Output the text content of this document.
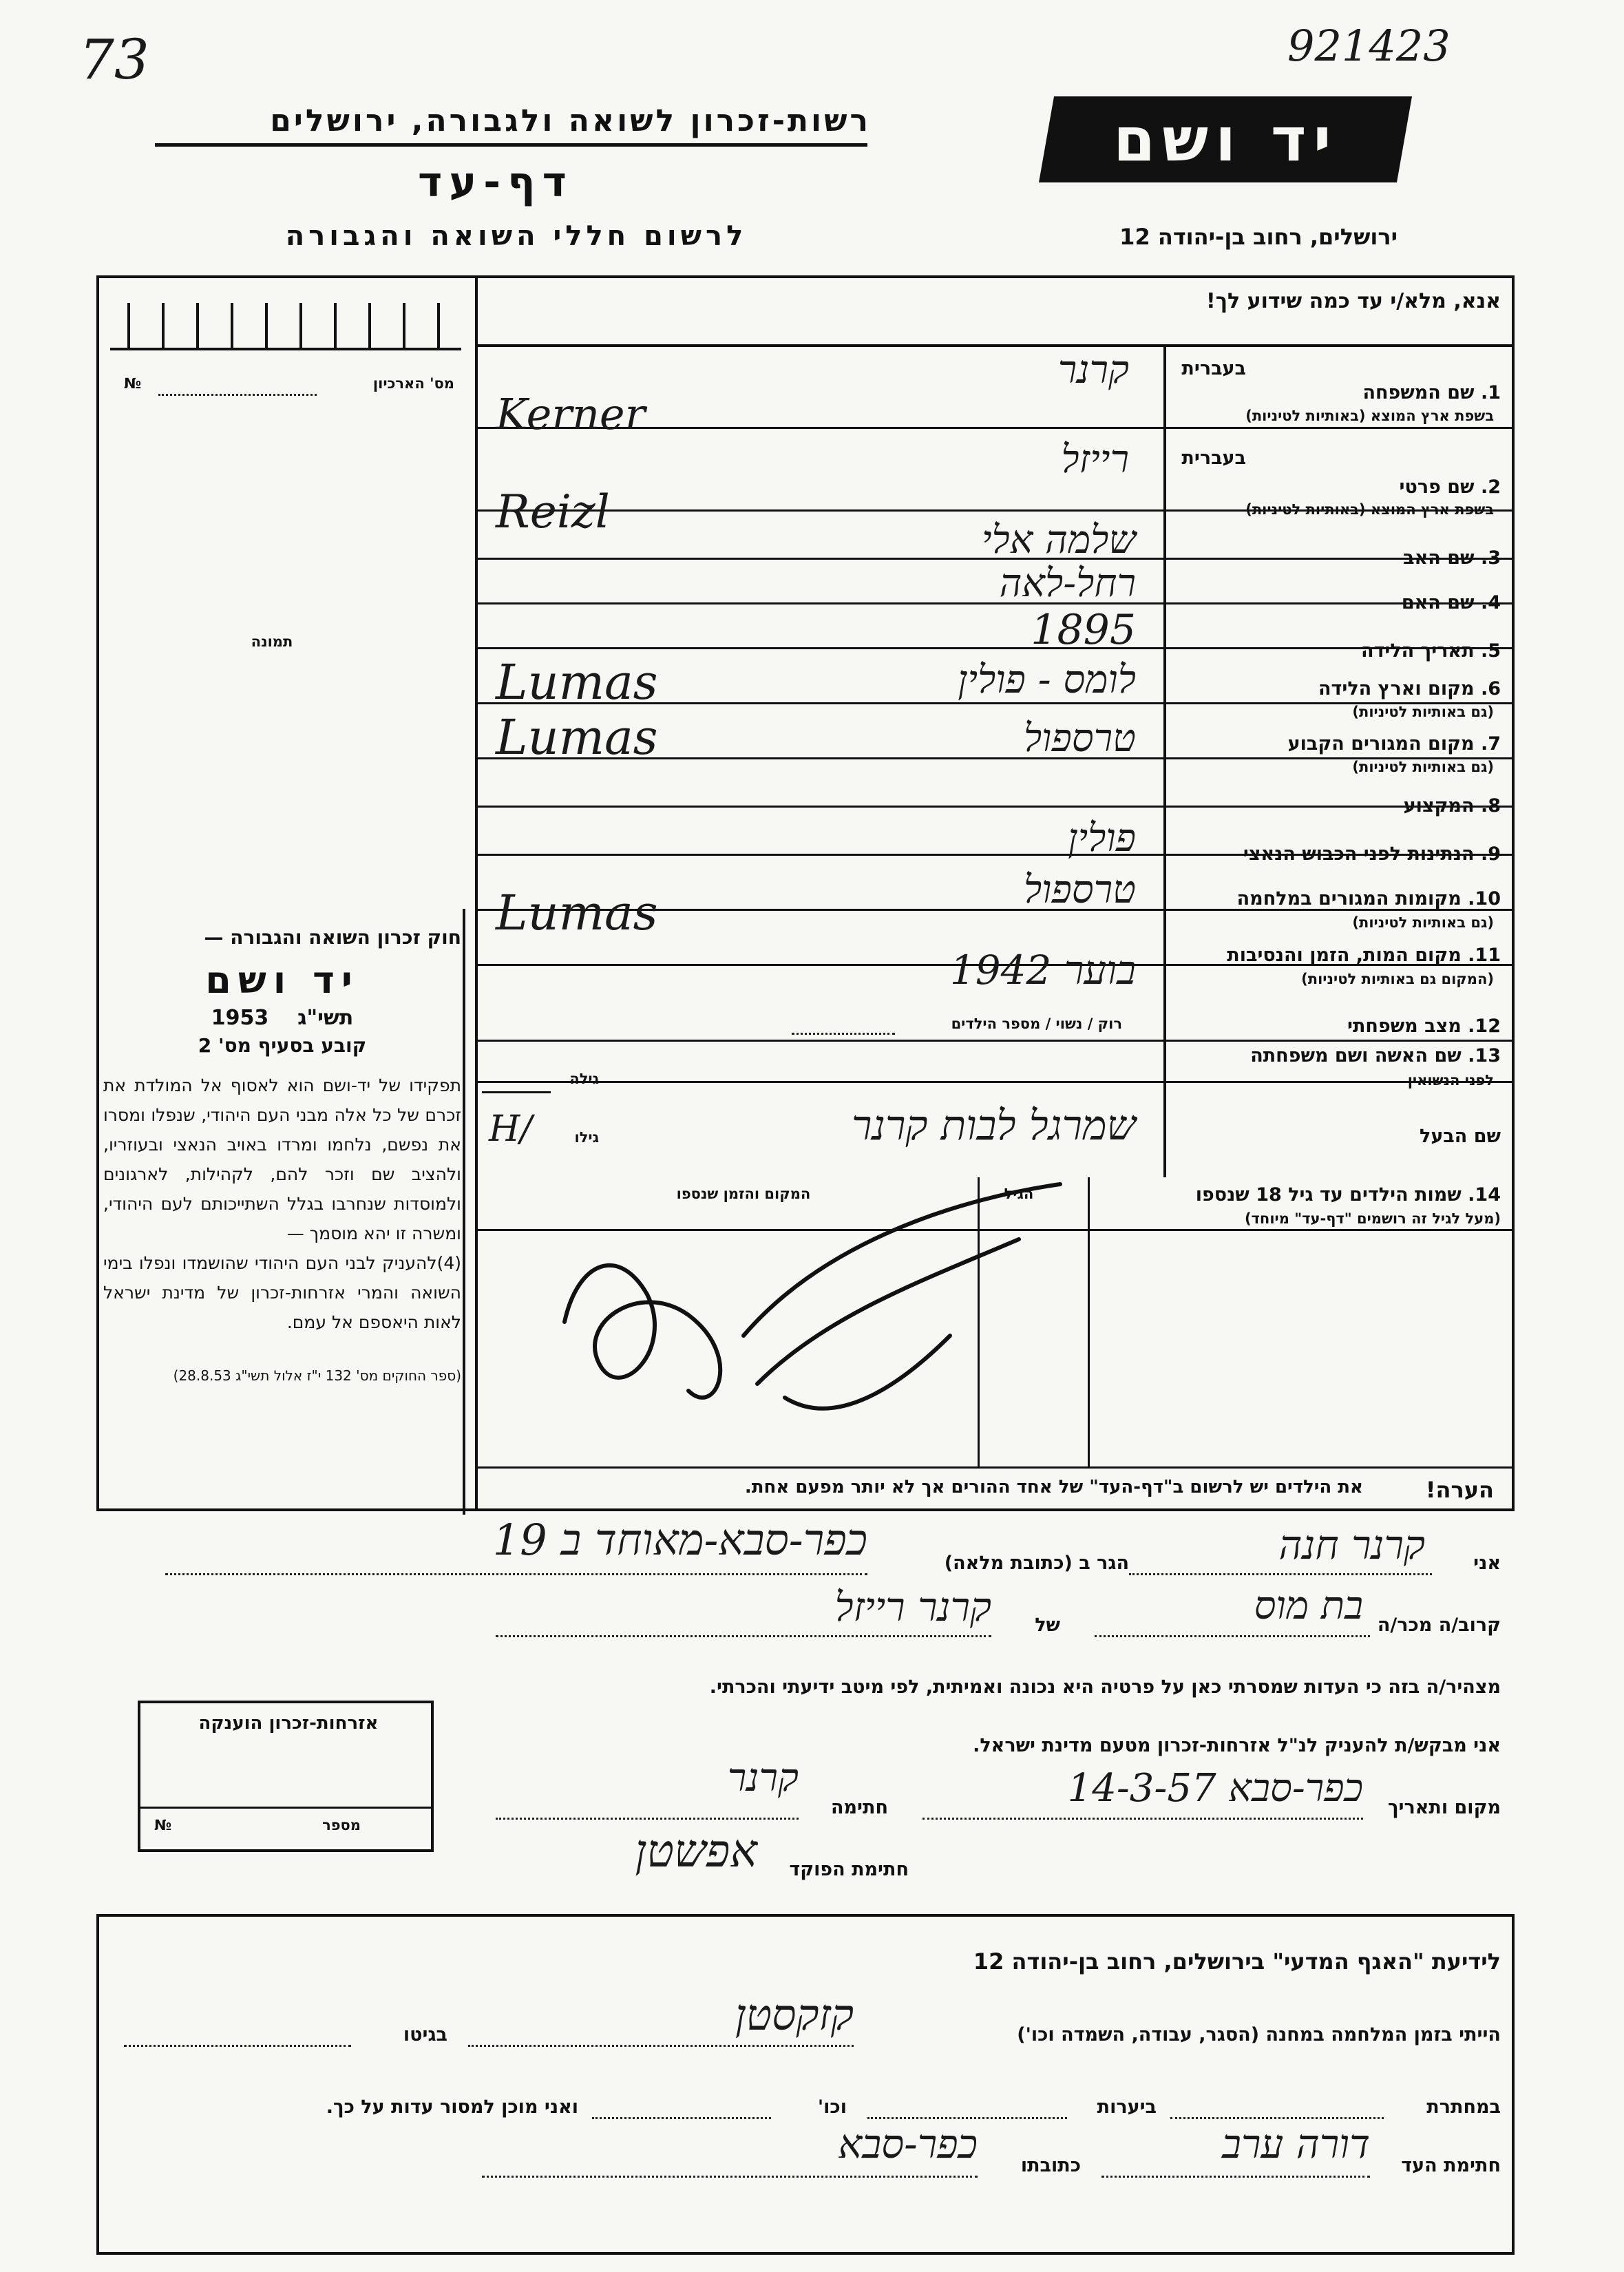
73	921423
רשות-זכרון לשואה ולגבורה, ירושלים
דף-עד
לרשום חללי השואה והגבורה
יד ושם
ירושלים, רחוב בן-יהודה 12
אנא, מלא/י עד כמה שידוע לך!
מס' הארכיון
№
תמונה
בעברית
1. שם המשפחה
בשפת ארץ המוצא (באותיות לטיניות)
קרנר
Kerner
בעברית
2. שם פרטי
בשפת ארץ המוצא (באותיות לטיניות)
רייזל
Reizl
3. שם האב
שלמה אלי
4. שם האם
רחל-לאה
5. תאריך הלידה
1895
6. מקום וארץ הלידה
(גם באותיות לטיניות)
לומס - פולין
Lumas
7. מקום המגורים הקבוע
(גם באותיות לטיניות)
טרספול
Lumas
8. המקצוע
9. הנתינות לפני הכבוש הנאצי
פולין
10. מקומות המגורים במלחמה
(גם באותיות לטיניות)
טרספול
Lumas
11. מקום המות, הזמן והנסיבות
(המקום גם באותיות לטיניות)
בוער 1942
12. מצב משפחתי
רוק / נשוי / מספר הילדים
13. שם האשה ושם משפחתה
לפני הנשואין
גילה
שם הבעל
שמרגל לבות קרנר
גילו
H/
14. שמות הילדים עד גיל 18 שנספו
(מעל לגיל זה רושמים "דף-עד" מיוחד)
הגיל
המקום והזמן שנספו
הערה!
את הילדים יש לרשום ב"דף-העד" של אחד ההורים אך לא יותר מפעם אחת.

חוק זכרון השואה והגבורה —

יד ושם

תשי"ג    1953

קובע בסעיף מס' 2

תפקידו של יד-ושם הוא לאסוף אל המולדת את זכרם של כל אלה מבני העם היהודי, שנפלו ומסרו את נפשם, נלחמו ומרדו באויב הנאצי ובעוזריו, ולהציב שם וזכר להם, לקהילות, לארגונים ולמוסדות שנחרבו בגלל השתייכותם לעם היהודי, ומשרה זו יהא מוסמך —

(4)להעניק לבני העם היהודי שהושמדו ונפלו בימי השואה והמרי אזרחות-זכרון של מדינת ישראל לאות היאספם אל עמם.

(ספר החוקים מס' 132 י"ז אלול תשי"ג 28.8.53)

אני
קרנר חנה
הגר ב (כתובת מלאה)
כפר-סבא-מאוחד ב 19
קרוב/ה מכר/ה
בת מוס
של
קרנר רייזל
מצהיר/ה בזה כי העדות שמסרתי כאן על פרטיה היא נכונה ואמיתית, לפי מיטב ידיעתי והכרתי.
אני מבקש/ת להעניק לנ"ל אזרחות-זכרון מטעם מדינת ישראל.
מקום ותאריך
כפר-סבא 14-3-57
חתימה
קרנר
חתימת הפוקד
אפשטן
אזרחות-זכרון הוענקה
מספר
№
לידיעת "האגף המדעי" בירושלים, רחוב בן-יהודה 12
הייתי בזמן המלחמה במחנה (הסגר, עבודה, השמדה וכו')
קזקסטן
בגיטו
במחתרת
ביערות
וכו'
ואני מוכן למסור עדות על כך.
חתימת העד
דורה ערב
כתובתו
כפר-סבא
